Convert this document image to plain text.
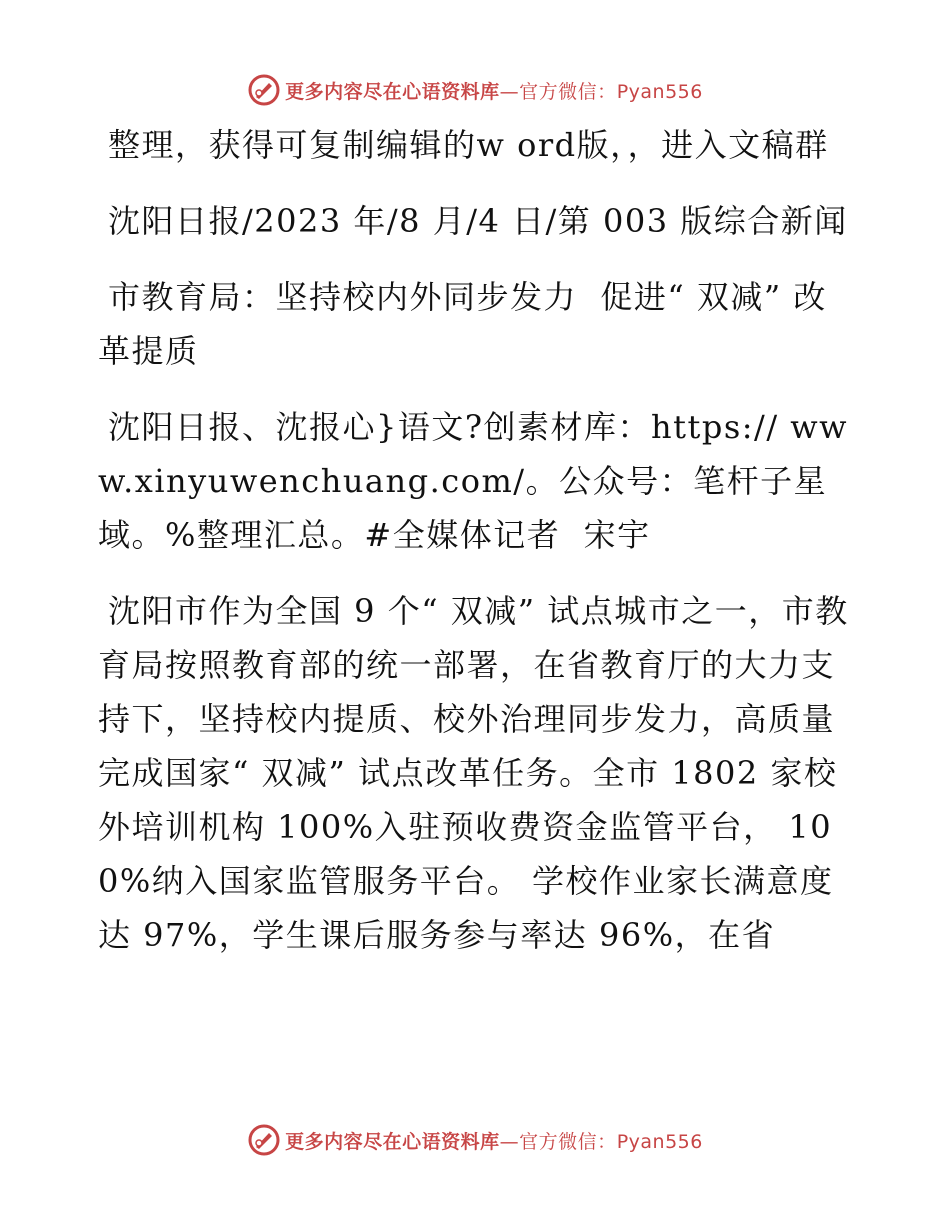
更多内容尽在心语资料库—官方微信：Pyan556

整理，获得可复制编辑的w ord版，，进入文稿群

沈阳日报/2023 年/8 月/4 日/第 003 版综合新闻

市教育局：坚持校内外同步发力  促进“ 双减” 改革提质

沈阳日报、沈报心}语文?创素材库：https:// www.xinyuwenchuang.com/。公众号：笔杆子星域。%整理汇总。#全媒体记者  宋宇

沈阳市作为全国 9 个“ 双减” 试点城市之一，市教育局按照教育部的统一部署，在省教育厅的大力支持下，坚持校内提质、校外治理同步发力，高质量完成国家“ 双减” 试点改革任务。全市 1802 家校外培训机构 100%入驻预收费资金监管平台， 100%纳入国家监管服务平台。 学校作业家长满意度达 97%，学生课后服务参与率达 96%，在省

更多内容尽在心语资料库—官方微信：Pyan556
